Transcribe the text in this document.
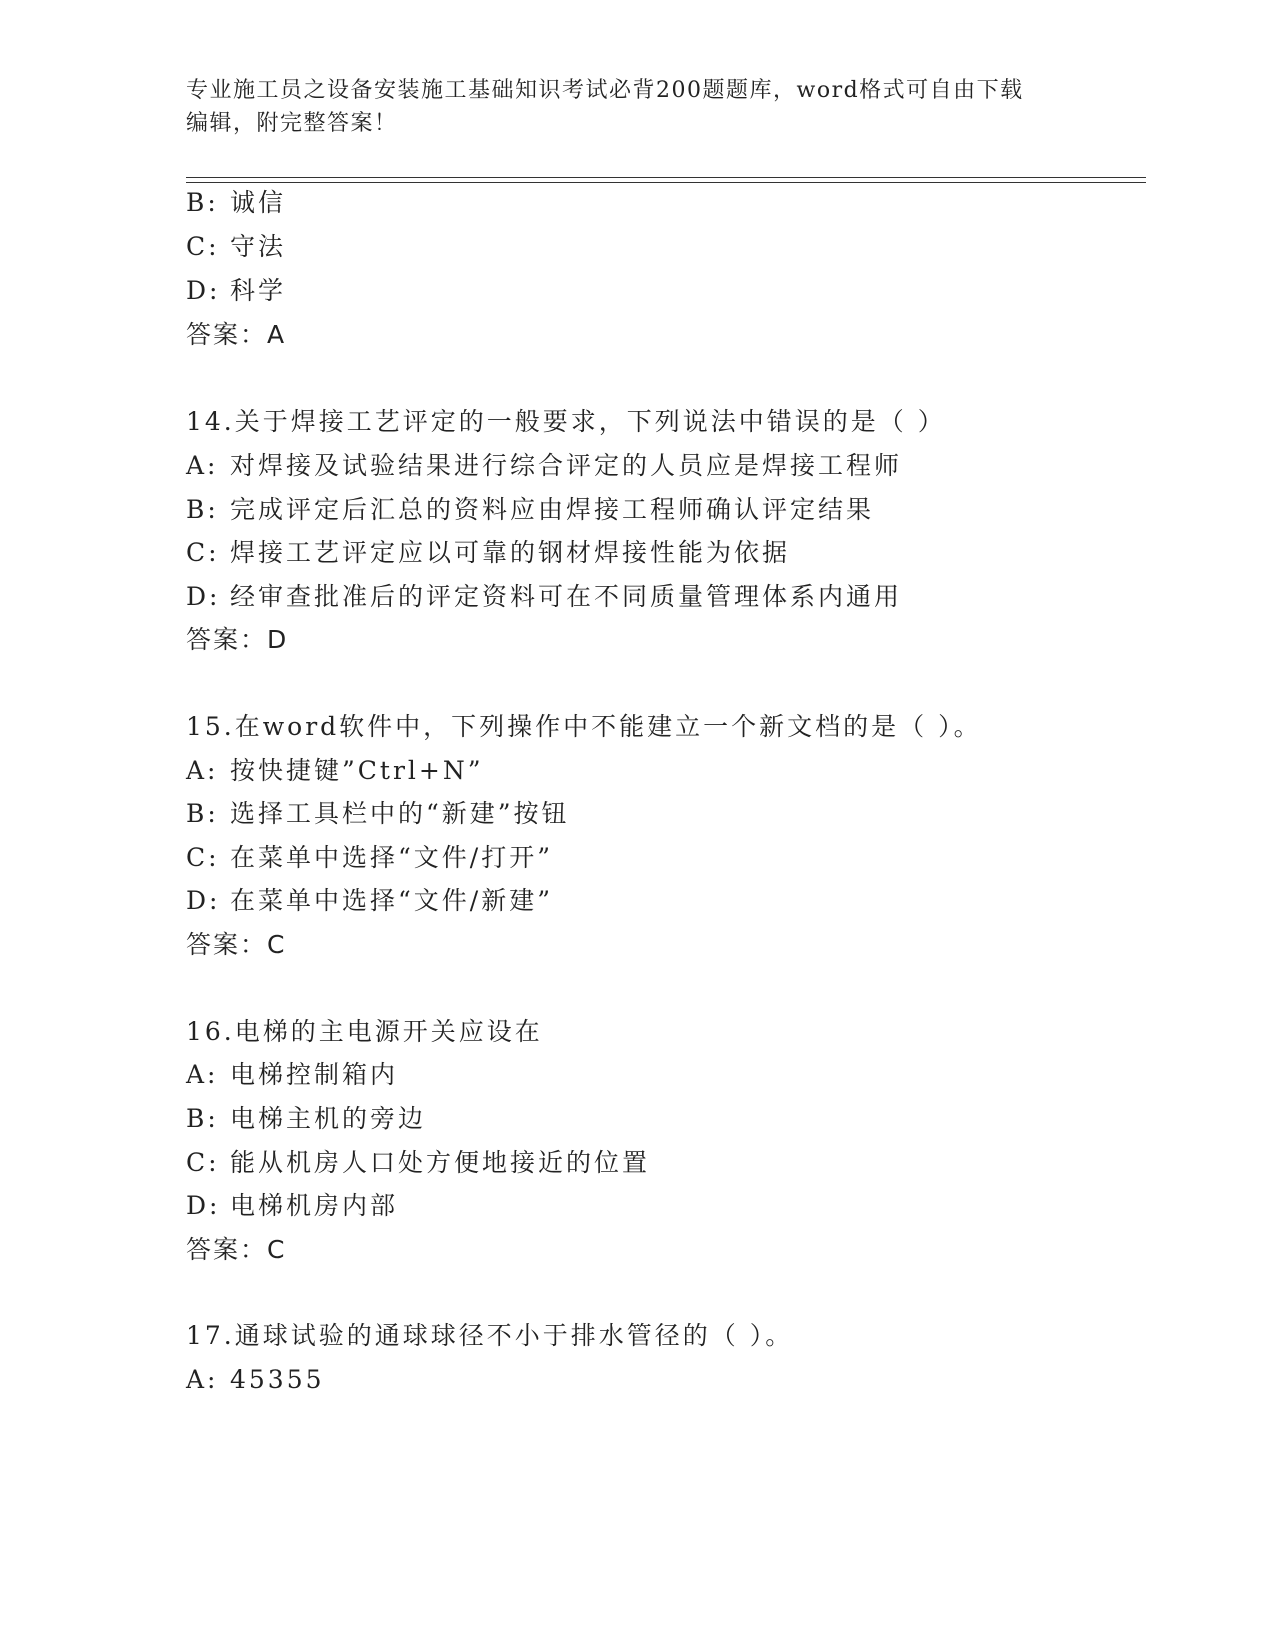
专业施工员之设备安装施工基础知识考试必背200题题库，word格式可自由下载
编辑，附完整答案！
B: 诚信
C: 守法
D: 科学
答案：A
14.关于焊接工艺评定的一般要求，下列说法中错误的是（ ）
A: 对焊接及试验结果进行综合评定的人员应是焊接工程师
B: 完成评定后汇总的资料应由焊接工程师确认评定结果
C: 焊接工艺评定应以可靠的钢材焊接性能为依据
D: 经审查批准后的评定资料可在不同质量管理体系内通用
答案：D
15.在word软件中，下列操作中不能建立一个新文档的是（ ）。
A: 按快捷键”Ctrl+N”
B: 选择工具栏中的“新建”按钮
C: 在菜单中选择“文件/打开”
D: 在菜单中选择“文件/新建”
答案：C
16.电梯的主电源开关应设在
A: 电梯控制箱内
B: 电梯主机的旁边
C: 能从机房人口处方便地接近的位置
D: 电梯机房内部
答案：C
17.通球试验的通球球径不小于排水管径的（ ）。
A: 45355
